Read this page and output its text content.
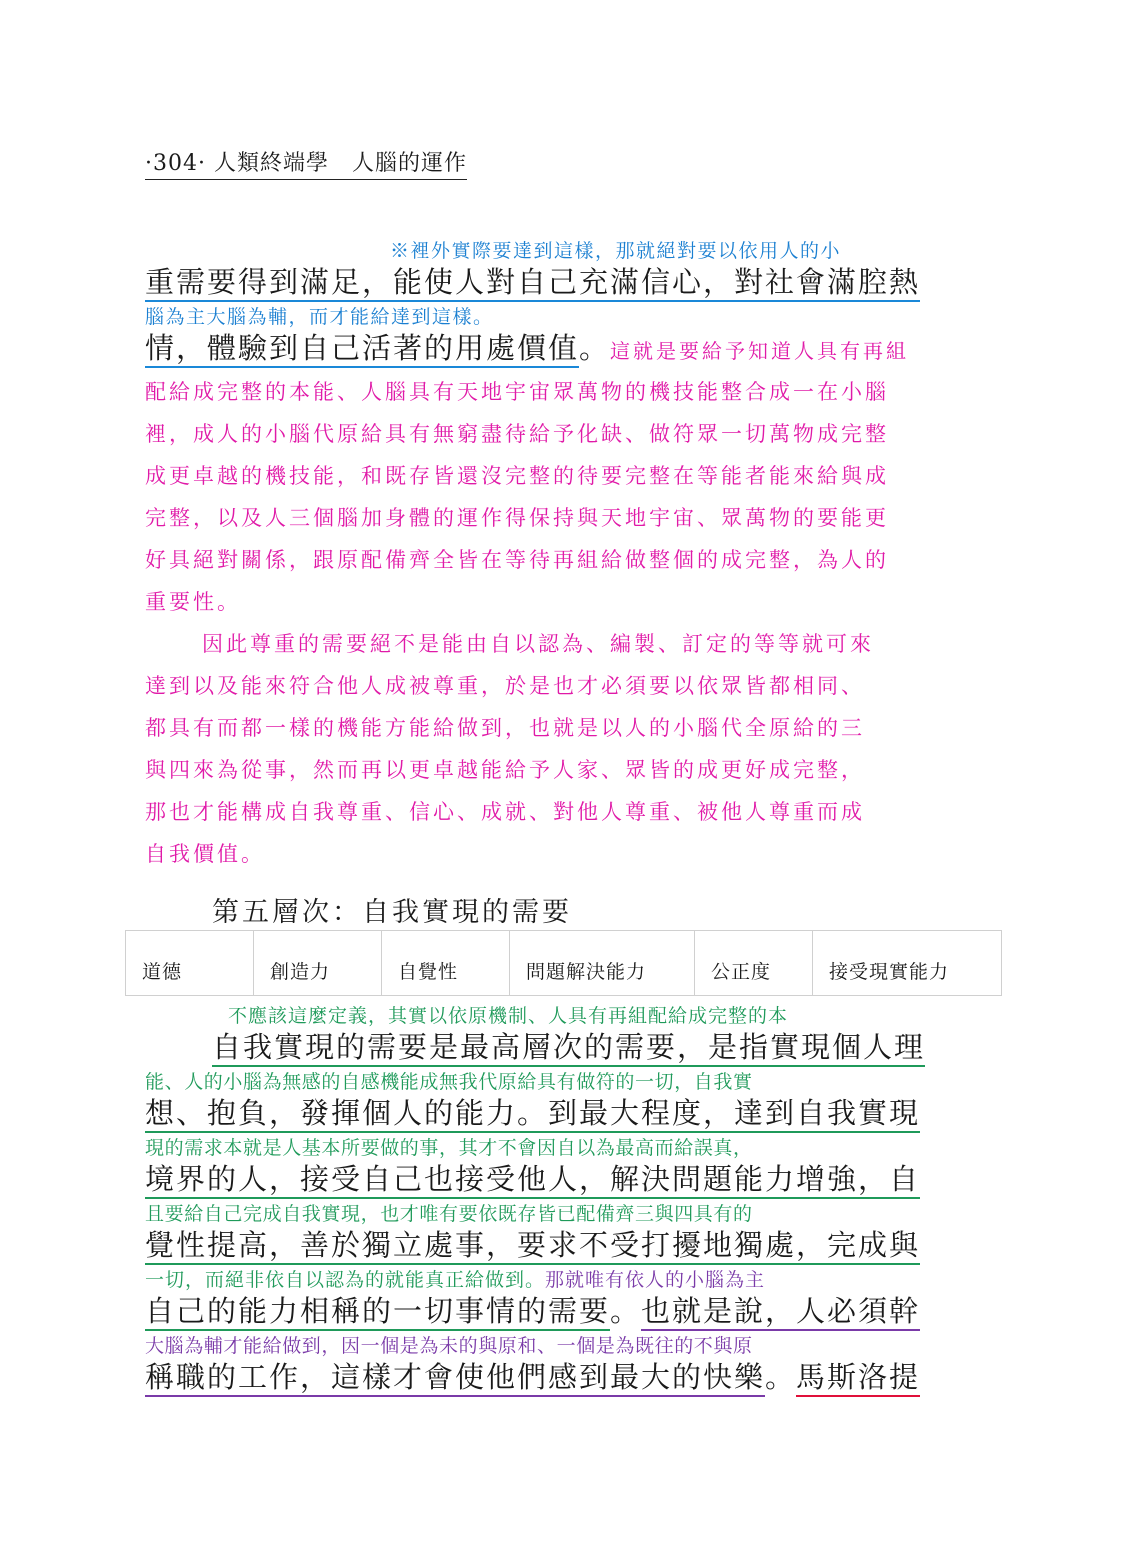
·304· 人類終端學　人腦的運作
※裡外實際要達到這樣，那就絕對要以依用人的小
重需要得到滿足，能使人對自己充滿信心，對社會滿腔熱
腦為主大腦為輔，而才能給達到這樣。
情，體驗到自己活著的用處價值。這就是要給予知道人具有再組
配給成完整的本能、人腦具有天地宇宙眾萬物的機技能整合成一在小腦
裡，成人的小腦代原給具有無窮盡待給予化缺、做符眾一切萬物成完整
成更卓越的機技能，和既存皆還沒完整的待要完整在等能者能來給與成
完整，以及人三個腦加身體的運作得保持與天地宇宙、眾萬物的要能更
好具絕對關係，跟原配備齊全皆在等待再組給做整個的成完整，為人的
重要性。
因此尊重的需要絕不是能由自以認為、編製、訂定的等等就可來
達到以及能來符合他人成被尊重，於是也才必須要以依眾皆都相同、
都具有而都一樣的機能方能給做到，也就是以人的小腦代全原給的三
與四來為從事，然而再以更卓越能給予人家、眾皆的成更好成完整，
那也才能構成自我尊重、信心、成就、對他人尊重、被他人尊重而成
自我價值。
第五層次：自我實現的需要
道德	創造力	自覺性	問題解決能力	公正度	接受現實能力
不應該這麼定義，其實以依原機制、人具有再組配給成完整的本
自我實現的需要是最高層次的需要，是指實現個人理
能、人的小腦為無感的自感機能成無我代原給具有做符的一切，自我實
想、抱負，發揮個人的能力。到最大程度，達到自我實現
現的需求本就是人基本所要做的事，其才不會因自以為最高而給誤真，
境界的人，接受自己也接受他人，解決問題能力增強，自
且要給自己完成自我實現，也才唯有要依既存皆已配備齊三與四具有的
覺性提高，善於獨立處事，要求不受打擾地獨處，完成與
一切，而絕非依自以認為的就能真正給做到。那就唯有依人的小腦為主
自己的能力相稱的一切事情的需要。也就是說，人必須幹
大腦為輔才能給做到，因一個是為未的與原和、一個是為既往的不與原
稱職的工作，這樣才會使他們感到最大的快樂。馬斯洛提
